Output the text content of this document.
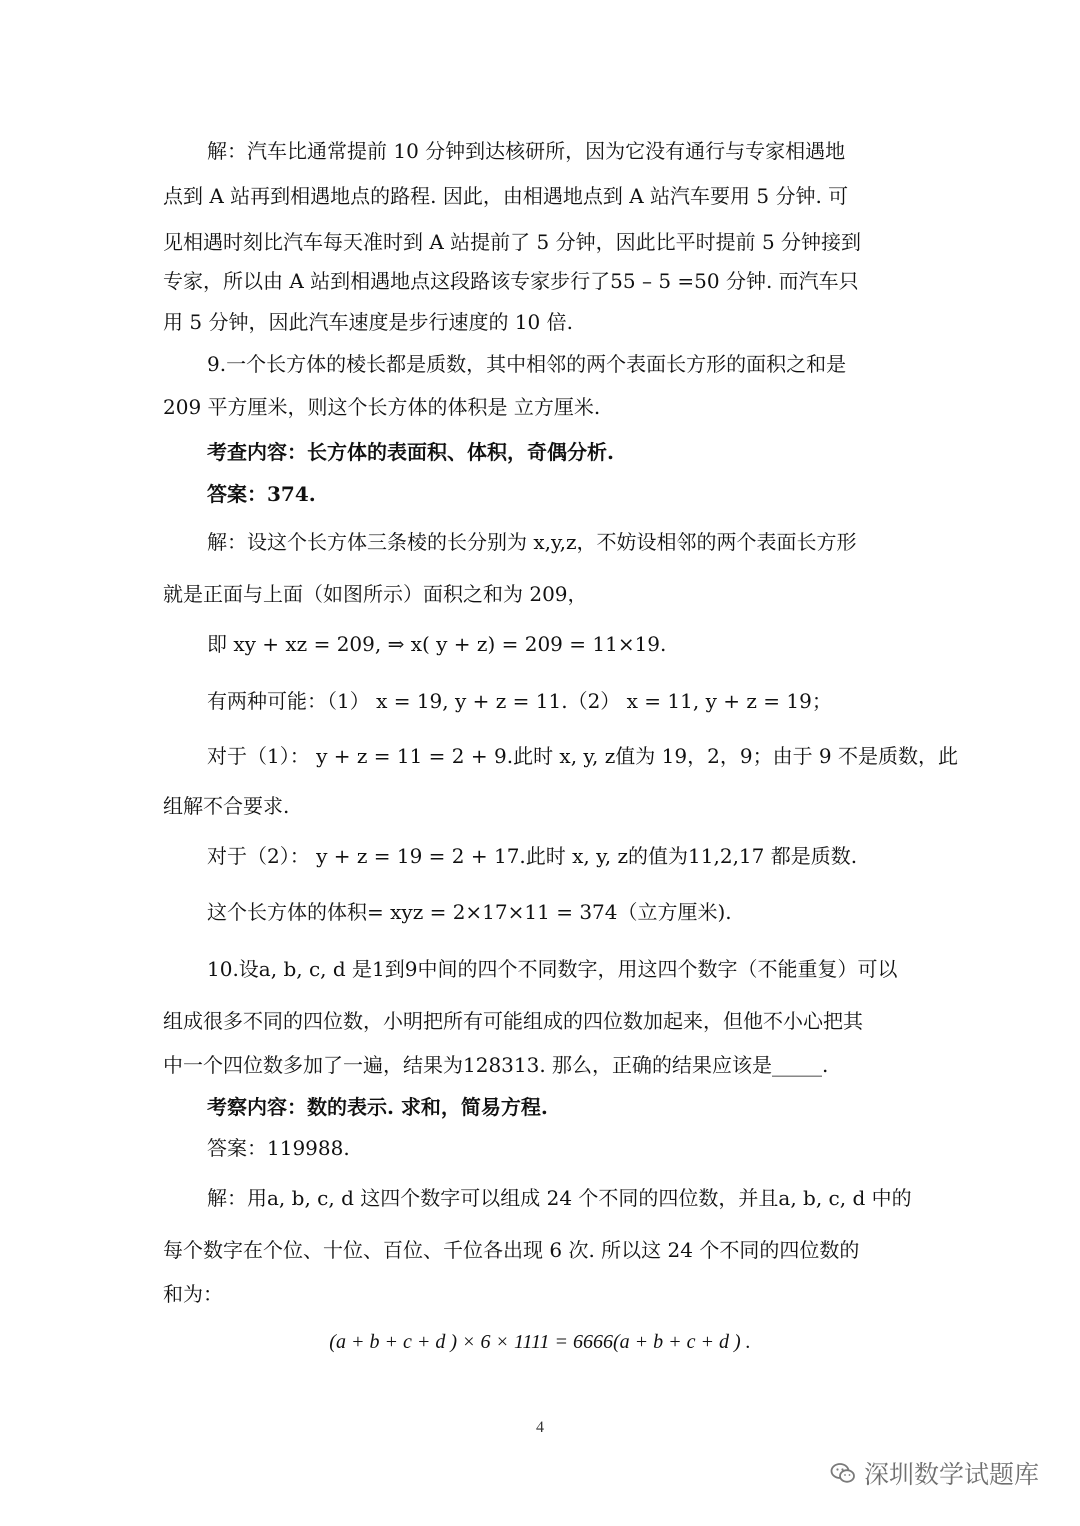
解：汽车比通常提前 10 分钟到达核研所，因为它没有通行与专家相遇地
点到 A 站再到相遇地点的路程. 因此，由相遇地点到 A 站汽车要用 5 分钟. 可
见相遇时刻比汽车每天准时到 A 站提前了 5 分钟，因此比平时提前 5 分钟接到
专家，所以由 A 站到相遇地点这段路该专家步行了55 – 5 =50 分钟. 而汽车只
用 5 分钟，因此汽车速度是步行速度的 10 倍.
9.一个长方体的棱长都是质数，其中相邻的两个表面长方形的面积之和是
209 平方厘米，则这个长方体的体积是 立方厘米.
考查内容：长方体的表面积、体积，奇偶分析.
答案：374.
解：设这个长方体三条棱的长分别为 x,y,z，不妨设相邻的两个表面长方形
就是正面与上面（如图所示）面积之和为 209，
即 xy + xz = 209, ⇒ x( y + z) = 209 = 11×19.
有两种可能：（1） x = 19, y + z = 11.（2） x = 11, y + z = 19；
对于（1）： y + z = 11 = 2 + 9.此时 x, y, z值为 19，2，9；由于 9 不是质数，此
组解不合要求.
对于（2）： y + z = 19 = 2 + 17.此时 x, y, z的值为11,2,17 都是质数.
这个长方体的体积= xyz = 2×17×11 = 374（立方厘米).
10.设a, b, c, d 是1到9中间的四个不同数字，用这四个数字（不能重复）可以
组成很多不同的四位数，小明把所有可能组成的四位数加起来，但他不小心把其
中一个四位数多加了一遍，结果为128313. 那么，正确的结果应该是_____.
考察内容：数的表示. 求和，简易方程.
答案：119988.
解：用a, b, c, d 这四个数字可以组成 24 个不同的四位数，并且a, b, c, d 中的
每个数字在个位、十位、百位、千位各出现 6 次. 所以这 24 个不同的四位数的
和为：
(a + b + c + d ) × 6 × 1111 = 6666(a + b + c + d ) .
4
深圳数学试题库
